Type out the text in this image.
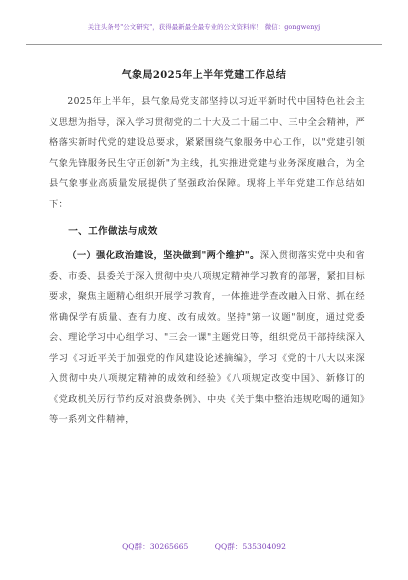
关注头条号"公文研究"，获得最新最全最专业的公文资料库！ 微信：gongwenyj
气象局2025年上半年党建工作总结

2025年上半年，县气象局党支部坚持以习近平新时代中国特色社会主义思想为指导，深入学习贯彻党的二十大及二十届二中、三中全会精神，严格落实新时代党的建设总要求，紧紧围绕气象服务中心工作，以"党建引领气象先锋服务民生守正创新"为主线，扎实推进党建与业务深度融合，为全县气象事业高质量发展提供了坚强政治保障。现将上半年党建工作总结如下：

一、工作做法与成效

（一）强化政治建设，坚决做到"两个维护"。深入贯彻落实党中央和省委、市委、县委关于深入贯彻中央八项规定精神学习教育的部署，紧扣目标要求，聚焦主题精心组织开展学习教育，一体推进学查改融入日常、抓在经常确保学有质量、查有力度、改有成效。坚持"第一议题"制度，通过党委会、理论学习中心组学习、"三会一课"主题党日等，组织党员干部持续深入学习《习近平关于加强党的作风建设论述摘编》，学习《党的十八大以来深入贯彻中央八项规定精神的成效和经验》《八项规定改变中国》、新修订的《党政机关厉行节约反对浪费条例》、中央《关于集中整治违规吃喝的通知》等一系列文件精神，

QQ群：30265665	QQ群：535304092
